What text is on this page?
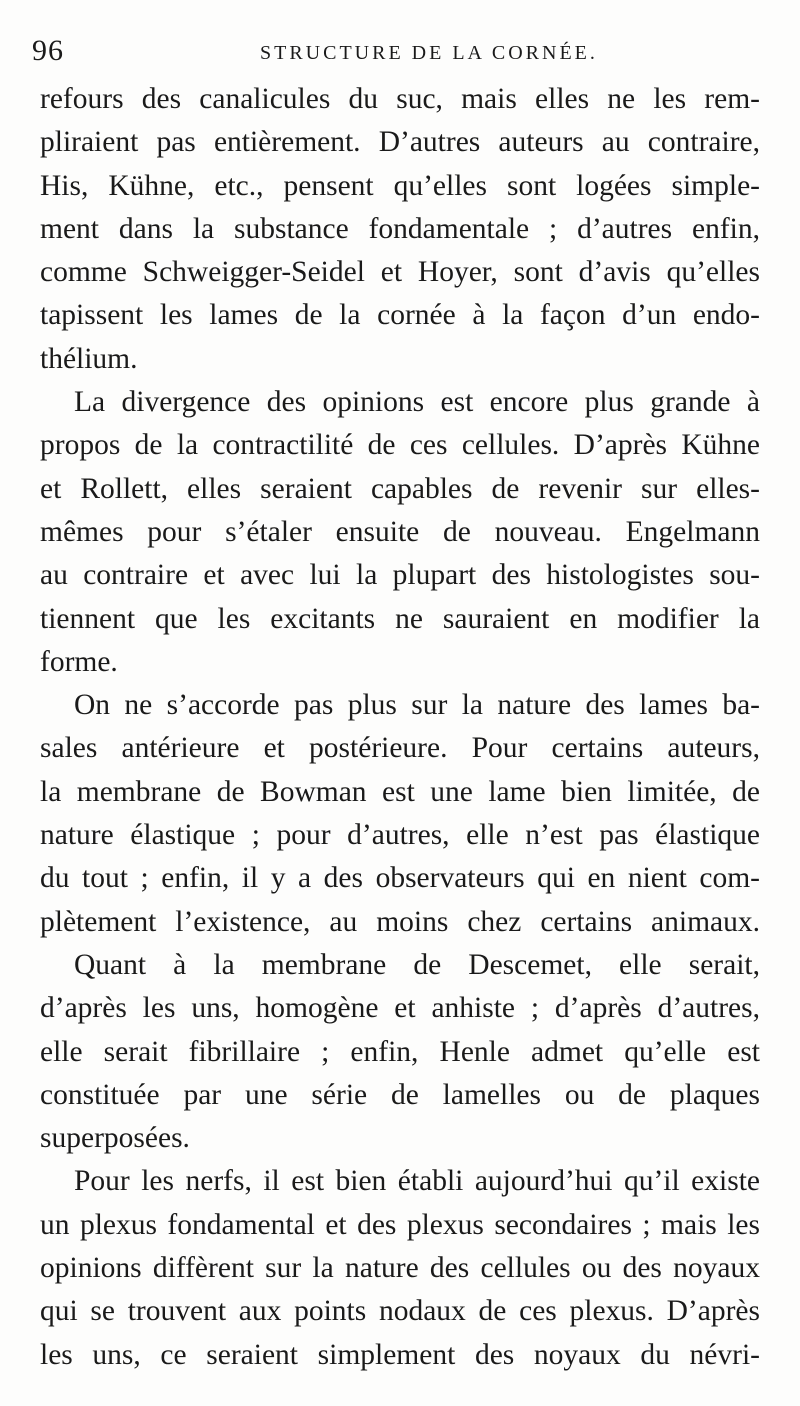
96	STRUCTURE DE LA CORNÉE.
refours des canalicules du suc, mais elles ne les rem-
pliraient pas entièrement. D’autres auteurs au contraire,
His, Kühne, etc., pensent qu’elles sont logées simple-
ment dans la substance fondamentale ; d’autres enfin,
comme Schweigger-Seidel et Hoyer, sont d’avis qu’elles
tapissent les lames de la cornée à la façon d’un endo-
thélium.
La divergence des opinions est encore plus grande à
propos de la contractilité de ces cellules. D’après Kühne
et Rollett, elles seraient capables de revenir sur elles-
mêmes pour s’étaler ensuite de nouveau. Engelmann
au contraire et avec lui la plupart des histologistes sou-
tiennent que les excitants ne sauraient en modifier la
forme.
On ne s’accorde pas plus sur la nature des lames ba-
sales antérieure et postérieure. Pour certains auteurs,
la membrane de Bowman est une lame bien limitée, de
nature élastique ; pour d’autres, elle n’est pas élastique
du tout ; enfin, il y a des observateurs qui en nient com-
plètement l’existence, au moins chez certains animaux.
Quant à la membrane de Descemet, elle serait,
d’après les uns, homogène et anhiste ; d’après d’autres,
elle serait fibrillaire ; enfin, Henle admet qu’elle est
constituée par une série de lamelles ou de plaques
superposées.
Pour les nerfs, il est bien établi aujourd’hui qu’il existe
un plexus fondamental et des plexus secondaires ; mais les
opinions diffèrent sur la nature des cellules ou des noyaux
qui se trouvent aux points nodaux de ces plexus. D’après
les uns, ce seraient simplement des noyaux du névri-
